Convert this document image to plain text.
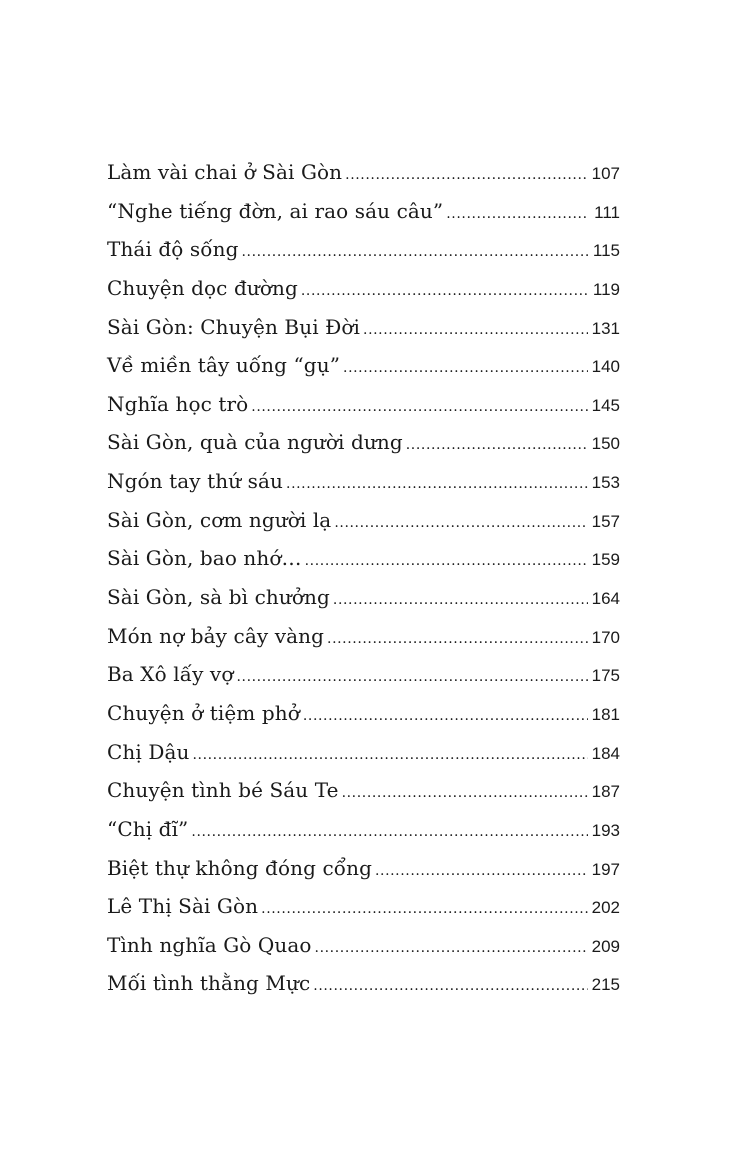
Làm vài chai ở Sài Gòn .....	107
“Nghe tiếng đờn, ai rao sáu câu” .....	111
Thái độ sống .....	115
Chuyện dọc đường .....	119
Sài Gòn: Chuyện Bụi Đời .....	131
Về miền tây uống “gụ” .....	140
Nghĩa học trò .....	145
Sài Gòn, quà của người dưng .....	150
Ngón tay thứ sáu .....	153
Sài Gòn, cơm người lạ .....	157
Sài Gòn, bao nhớ… .....	159
Sài Gòn, sà bì chưởng .....	164
Món nợ bảy cây vàng .....	170
Ba Xô lấy vợ .....	175
Chuyện ở tiệm phở .....	181
Chị Dậu .....	184
Chuyện tình bé Sáu Te .....	187
“Chị đĩ” .....	193
Biệt thự không đóng cổng .....	197
Lê Thị Sài Gòn .....	202
Tình nghĩa Gò Quao .....	209
Mối tình thằng Mực .....	215
